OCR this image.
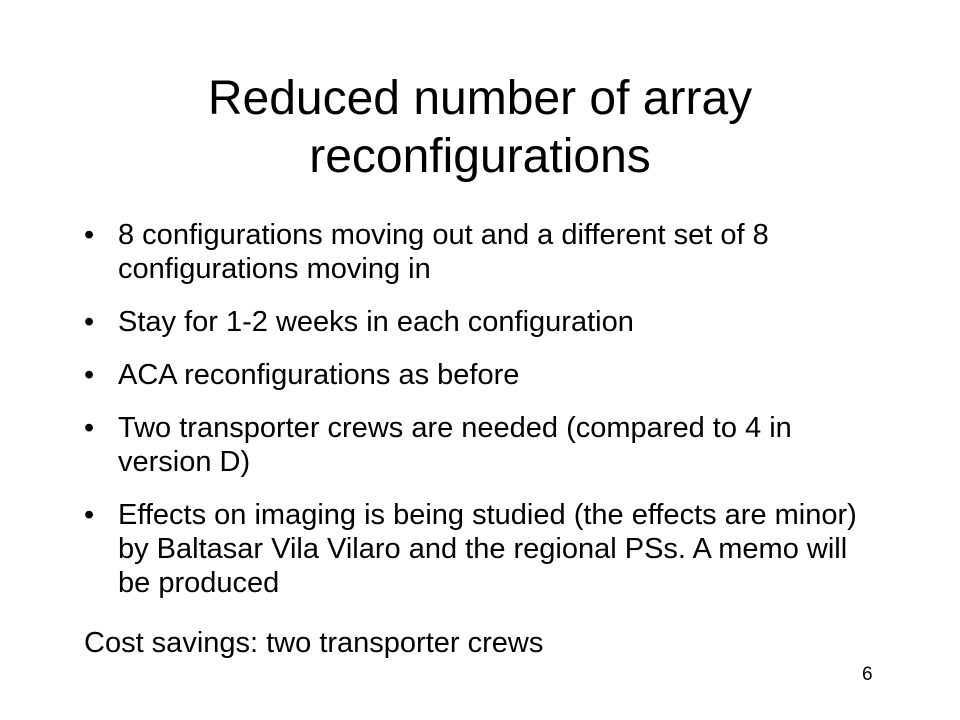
Reduced number of array reconfigurations
• 8 configurations moving out and a different set of 8 configurations moving in
• Stay for 1-2 weeks in each configuration
• ACA reconfigurations as before
• Two transporter crews are needed (compared to 4 in version D)
• Effects on imaging is being studied (the effects are minor) by Baltasar Vila Vilaro and the regional PSs. A memo will be produced

Cost savings: two transporter crews

6
